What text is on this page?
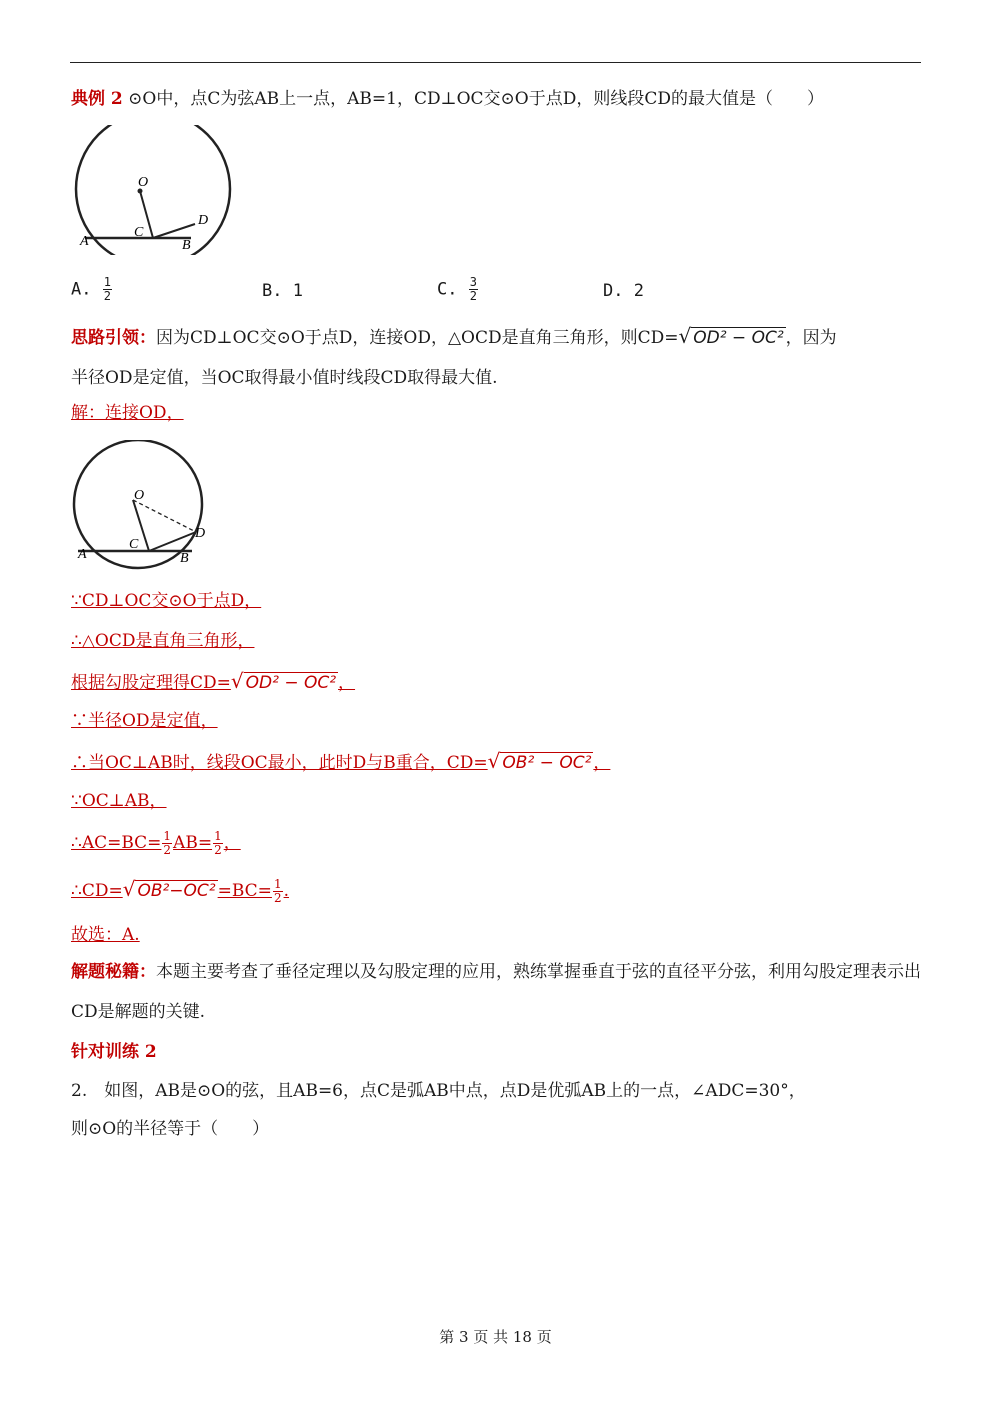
典例 2 ⊙O中，点C为弦AB上一点，AB=1，CD⊥OC交⊙O于点D，则线段CD的最大值是（　　）
O
A
C
B
D
A. $\frac{1}{2}$	B. 1	C. $\frac{3}{2}$	D. 2
思路引领：因为CD⊥OC交⊙O于点D，连接OD，△OCD是直角三角形，则CD=√ OD² − OC² ，因为
半径OD是定值，当OC取得最小值时线段CD取得最大值.
解：连接OD，
O
A
C
B
D
∵CD⊥OC交⊙O于点D，
∴△OCD是直角三角形，
根据勾股定理得CD=√ OD² − OC² ，
∵半径OD是定值，
∴当OC⊥AB时，线段OC最小，此时D与B重合，CD=√ OB² − OC² ，
∵OC⊥AB，
∴AC=BC= $\frac{1}{2} AB= \frac{1}{2}$ ，
∴CD=√ $OB^2-OC^2 =BC= \frac{1}{2}$ .
故选：A.
解题秘籍：本题主要考查了垂径定理以及勾股定理的应用，熟练掌握垂直于弦的直径平分弦，利用勾股定理表示出CD是解题的关键.
针对训练 2
2.　如图，AB是⊙O的弦，且AB=6，点C是弧AB中点，点D是优弧AB上的一点，∠ADC=30°，
则⊙O的半径等于（　　）
第 3 页 共 18 页
